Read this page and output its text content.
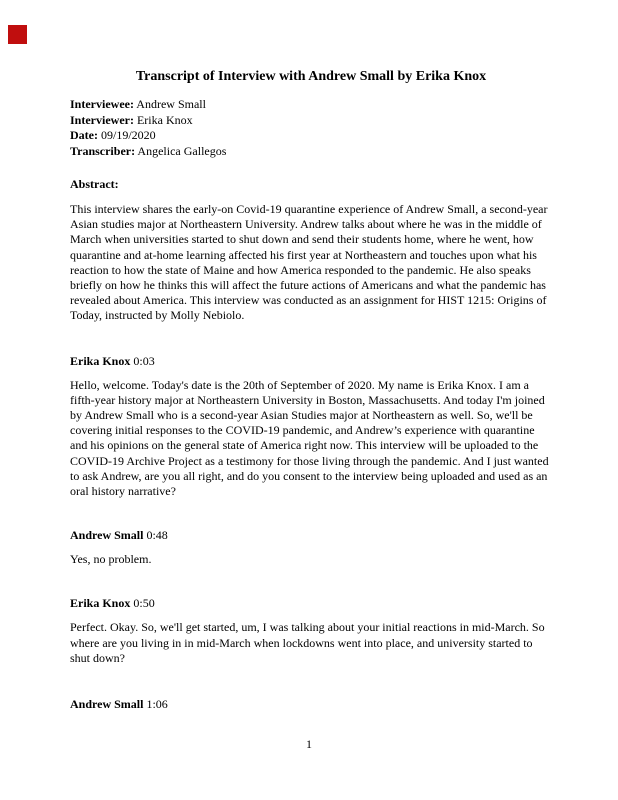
Transcript of Interview with Andrew Small by Erika Knox
Interviewee: Andrew Small
Interviewer: Erika Knox
Date: 09/19/2020
Transcriber: Angelica Gallegos
Abstract:

This interview shares the early-on Covid-19 quarantine experience of Andrew Small, a second-year Asian studies major at Northeastern University. Andrew talks about where he was in the middle of March when universities started to shut down and send their students home, where he went, how quarantine and at-home learning affected his first year at Northeastern and touches upon what his reaction to how the state of Maine and how America responded to the pandemic. He also speaks briefly on how he thinks this will affect the future actions of Americans and what the pandemic has revealed about America. This interview was conducted as an assignment for HIST 1215: Origins of Today, instructed by Molly Nebiolo.

Erika Knox 0:03

Hello, welcome. Today's date is the 20th of September of 2020. My name is Erika Knox. I am a fifth-year history major at Northeastern University in Boston, Massachusetts. And today I'm joined by Andrew Small who is a second-year Asian Studies major at Northeastern as well. So, we'll be covering initial responses to the COVID-19 pandemic, and Andrew’s experience with quarantine and his opinions on the general state of America right now. This interview will be uploaded to the COVID-19 Archive Project as a testimony for those living through the pandemic. And I just wanted to ask Andrew, are you all right, and do you consent to the interview being uploaded and used as an oral history narrative?

Andrew Small 0:48

Yes, no problem.

Erika Knox 0:50

Perfect. Okay. So, we'll get started, um, I was talking about your initial reactions in mid-March. So where are you living in in mid-March when lockdowns went into place, and university started to shut down?

Andrew Small 1:06
1
